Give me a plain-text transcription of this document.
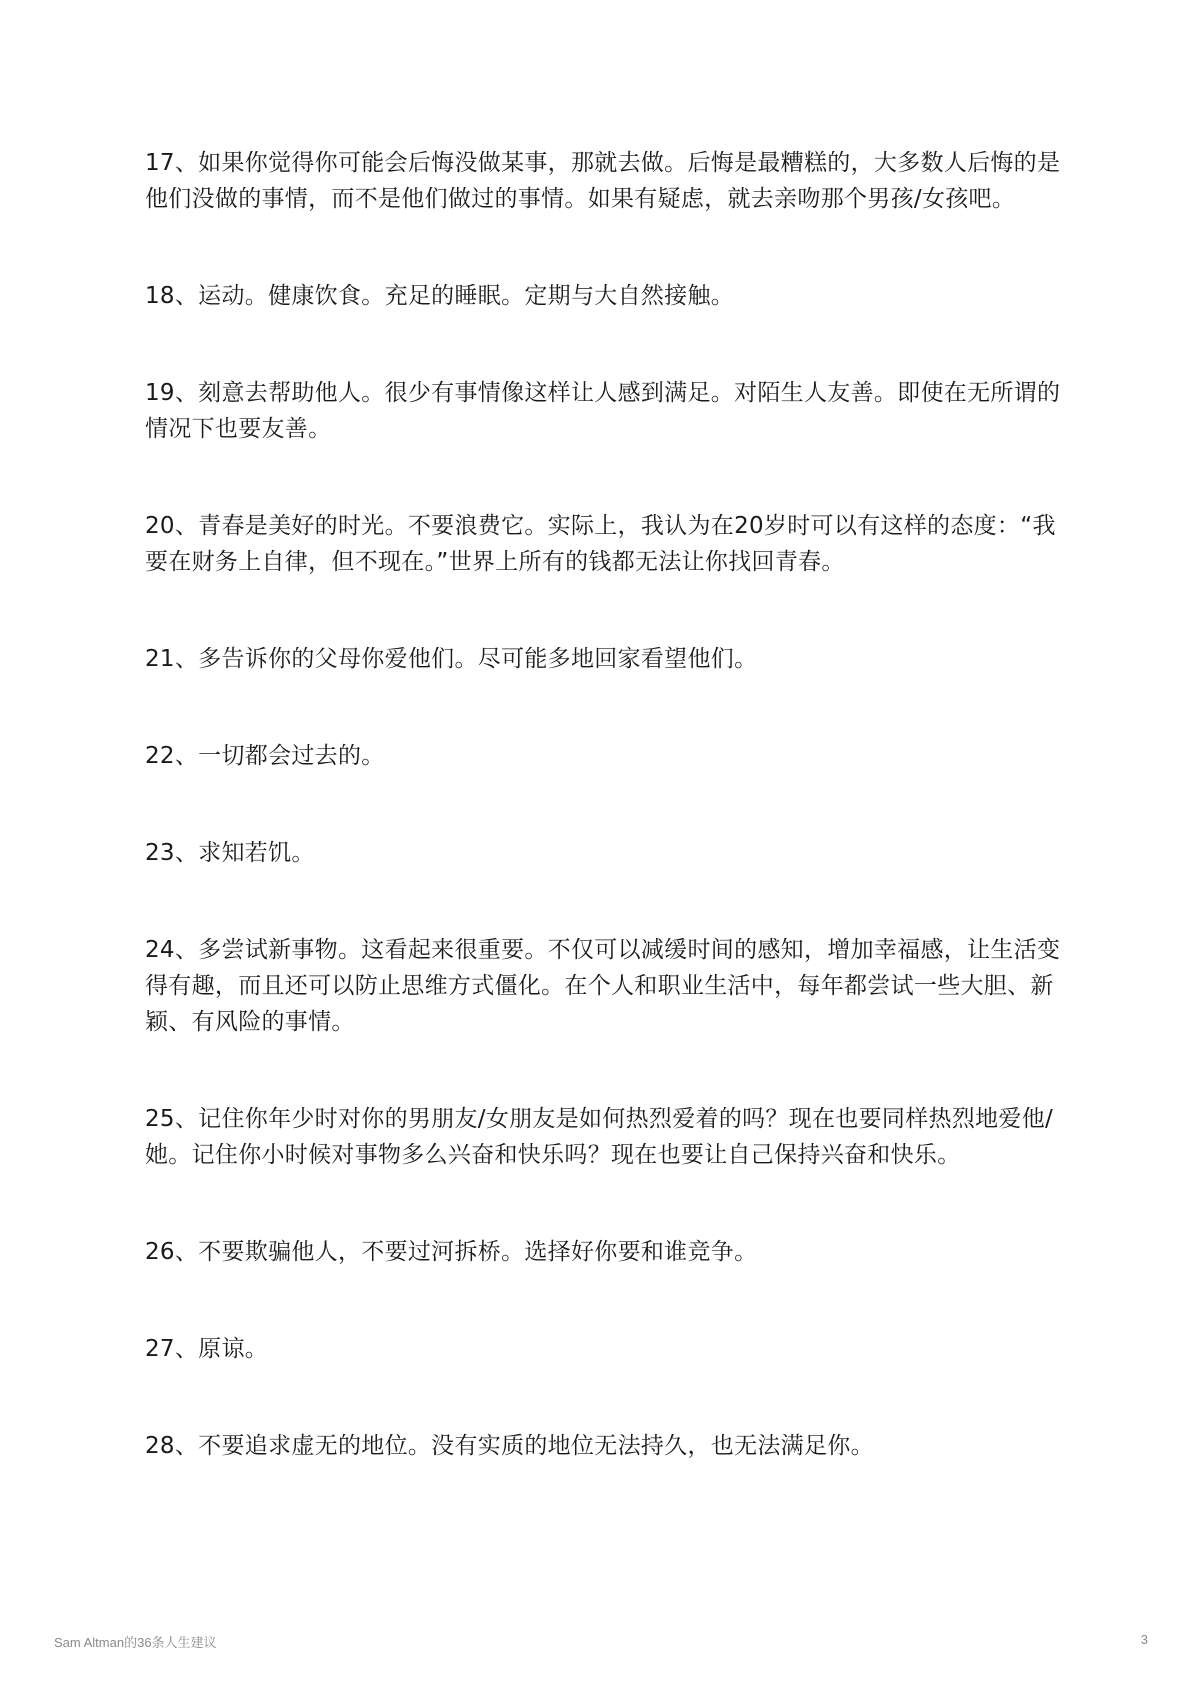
17、如果你觉得你可能会后悔没做某事，那就去做。后悔是最糟糕的，大多数人后悔的是他们没做的事情，而不是他们做过的事情。如果有疑虑，就去亲吻那个男孩/女孩吧。

18、运动。健康饮食。充足的睡眠。定期与大自然接触。

19、刻意去帮助他人。很少有事情像这样让人感到满足。对陌生人友善。即使在无所谓的情况下也要友善。

20、青春是美好的时光。不要浪费它。实际上，我认为在20岁时可以有这样的态度：“我要在财务上自律，但不现在。”世界上所有的钱都无法让你找回青春。

21、多告诉你的父母你爱他们。尽可能多地回家看望他们。

22、一切都会过去的。

23、求知若饥。

24、多尝试新事物。这看起来很重要。不仅可以减缓时间的感知，增加幸福感，让生活变得有趣，而且还可以防止思维方式僵化。在个人和职业生活中，每年都尝试一些大胆、新颖、有风险的事情。

25、记住你年少时对你的男朋友/女朋友是如何热烈爱着的吗？现在也要同样热烈地爱他/她。记住你小时候对事物多么兴奋和快乐吗？现在也要让自己保持兴奋和快乐。

26、不要欺骗他人，不要过河拆桥。选择好你要和谁竞争。

27、原谅。

28、不要追求虚无的地位。没有实质的地位无法持久，也无法满足你。

Sam Altman的36条人生建议	3
